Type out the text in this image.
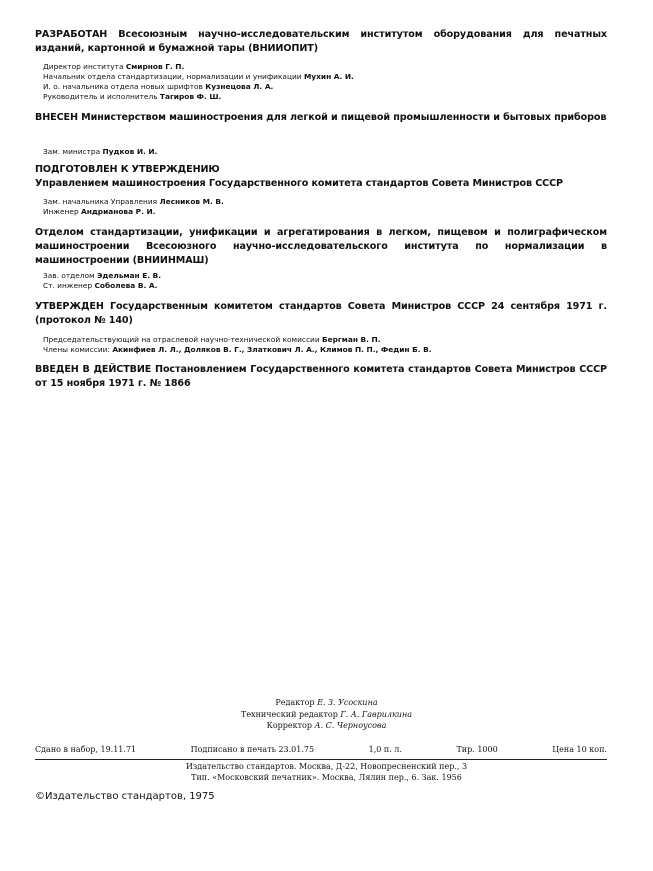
РАЗРАБОТАН Всесоюзным научно-исследовательским институтом оборудования для печатных изданий, картонной и бумажной тары (ВНИИОПИТ)
Директор института Смирнов Г. П.
Начальник отдела стандартизации, нормализации и унификации Мухин А. И.
И. о. начальника отдела новых шрифтов Кузнецова Л. А.
Руководитель и исполнитель Тагиров Ф. Ш.
ВНЕСЕН Министерством машиностроения для легкой и пищевой промышленности и бытовых приборов
Зам. министра Пудков И. И.
ПОДГОТОВЛЕН К УТВЕРЖДЕНИЮ
Управлением машиностроения Государственного комитета стандартов Совета Министров СССР
Зам. начальника Управления Лесников М. В.
Инженер Андрианова Р. И.
Отделом стандартизации, унификации и агрегатирования в легком, пищевом и полиграфическом машиностроении Всесоюзного научно-исследовательского института по нормализации в машиностроении (ВНИИНМАШ)
Зав. отделом Эдельман Е. В.
Ст. инженер Соболева В. А.
УТВЕРЖДЕН Государственным комитетом стандартов Совета Министров СССР 24 сентября 1971 г. (протокол № 140)
Председательствующий на отраслевой научно-технической комиссии Бергман В. П.
Члены комиссии: Акинфиев Л. Л., Доляков В. Г., Златкович Л. А., Климов П. П., Федин Б. В.
ВВЕДЕН В ДЕЙСТВИЕ Постановлением Государственного комитета стандартов Совета Министров СССР от 15 ноября 1971 г. № 1866
Редактор Е. З. Усоскина
Технический редактор Г. А. Гаврилкина
Корректор А. С. Черноусова
Сдано в набор, 19.11.71	Подписано в печать 23.01.75	1,0 п. л.	Тир. 1000	Цена 10 коп.
Издательство стандартов. Москва, Д-22, Новопресненский пер., 3
Тип. «Московский печатник». Москва, Лялин пер., 6. Зак. 1956
©Издательство стандартов, 1975
